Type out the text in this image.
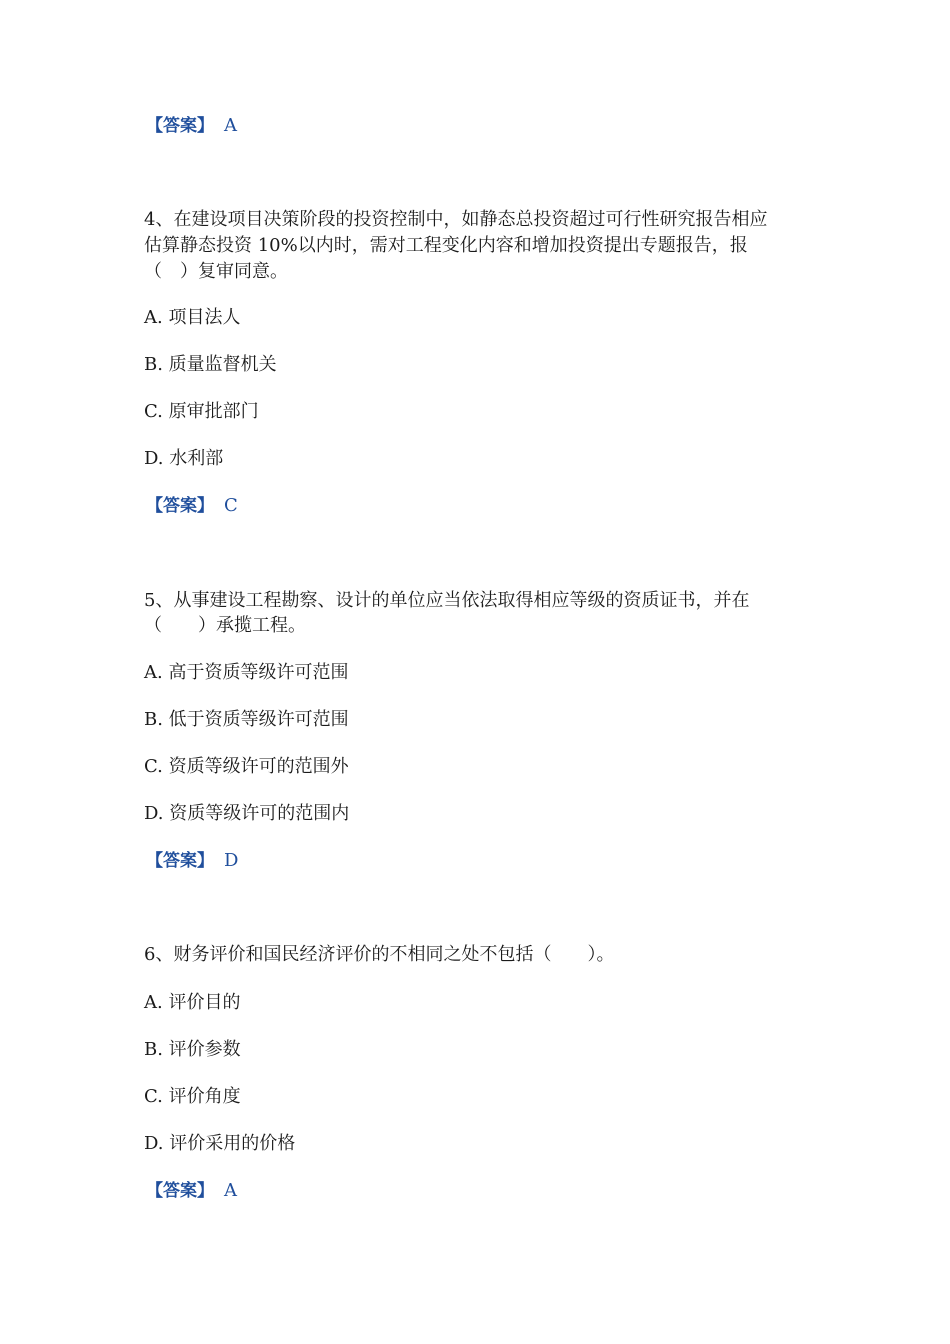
【答案】 A
4、在建设项目决策阶段的投资控制中，如静态总投资超过可行性研究报告相应
估算静态投资 10%以内时，需对工程变化内容和增加投资提出专题报告，报
（　）复审同意。
A. 项目法人
B. 质量监督机关
C. 原审批部门
D. 水利部
【答案】 C
5、从事建设工程勘察、设计的单位应当依法取得相应等级的资质证书，并在
（　　）承揽工程。
A. 高于资质等级许可范围
B. 低于资质等级许可范围
C. 资质等级许可的范围外
D. 资质等级许可的范围内
【答案】 D
6、财务评价和国民经济评价的不相同之处不包括（　　）。
A. 评价目的
B. 评价参数
C. 评价角度
D. 评价采用的价格
【答案】 A
